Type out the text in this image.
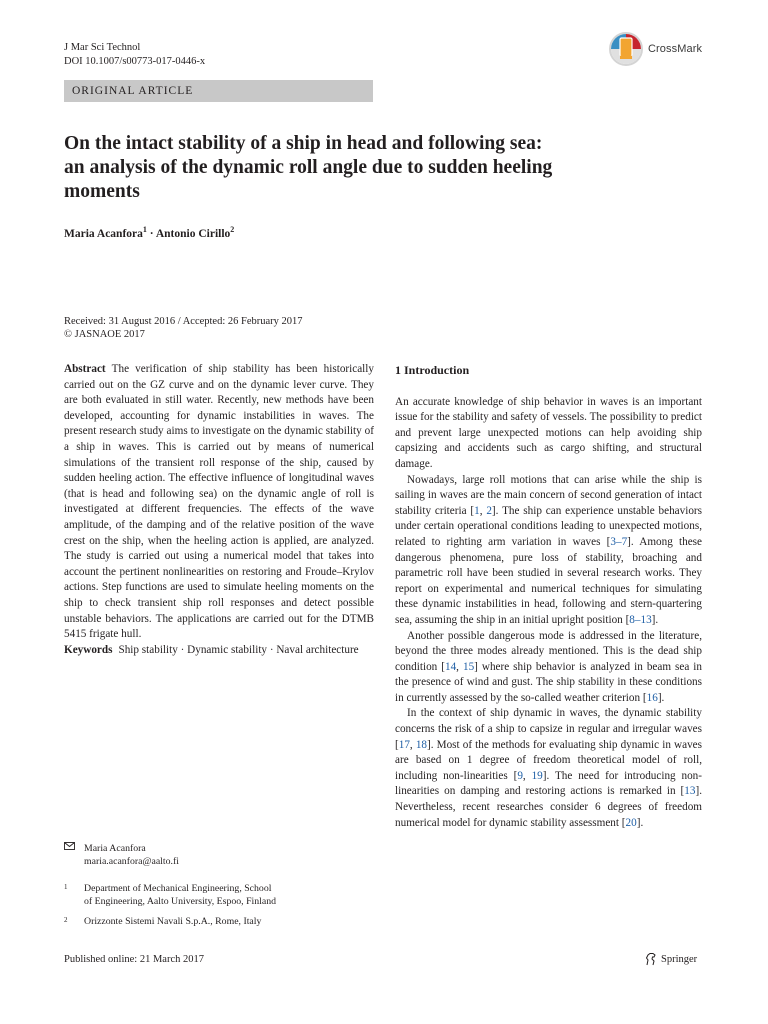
J Mar Sci Technol
DOI 10.1007/s00773-017-0446-x
CrossMark
ORIGINAL ARTICLE
On the intact stability of a ship in head and following sea:
an analysis of the dynamic roll angle due to sudden heeling
moments
Maria Acanfora$^1$ · Antonio Cirillo$^2$
Received: 31 August 2016 / Accepted: 26 February 2017
© JASNAOE 2017

Abstract The verification of ship stability has been historically carried out on the GZ curve and on the dynamic lever curve. They are both evaluated in still water. Recently, new methods have been developed, accounting for dynamic instabilities in waves. The present research study aims to investigate on the dynamic stability of a ship in waves. This is carried out by means of numerical simulations of the transient roll response of the ship, caused by sudden heeling action. The effective influence of longitudinal waves (that is head and following sea) on the dynamic angle of roll is investigated at different frequencies. The effects of the wave amplitude, of the damping and of the relative position of the wave crest on the ship, when the heeling action is applied, are analyzed. The study is carried out using a numerical model that takes into account the pertinent nonlinearities on restoring and Froude–Krylov actions. Step functions are used to simulate heeling moments on the ship to check transient ship roll responses and detect possible unstable behaviors. The applications are carried out for the DTMB 5415 frigate hull.

Keywords Ship stability · Dynamic stability · Naval architecture

Maria Acanfora
maria.acanfora@aalto.fi
1	Department of Mechanical Engineering, School
of Engineering, Aalto University, Espoo, Finland
2	Orizzonte Sistemi Navali S.p.A., Rome, Italy
1 Introduction

An accurate knowledge of ship behavior in waves is an important issue for the stability and safety of vessels. The possibility to predict and prevent large unexpected motions can help avoiding ship capsizing and accidents such as cargo shifting, and structural damage.

Nowadays, large roll motions that can arise while the ship is sailing in waves are the main concern of second generation of intact stability criteria [1, 2]. The ship can experience unstable behaviors under certain operational conditions leading to unexpected motions, related to righting arm variation in waves [3–7]. Among these dangerous phenomena, pure loss of stability, broaching and parametric roll have been studied in several research works. They report on experimental and numerical techniques for simulating these dynamic instabilities in head, following and stern-quartering sea, assuming the ship in an initial upright position [8–13].

Another possible dangerous mode is addressed in the literature, beyond the three modes already mentioned. This is the dead ship condition [14, 15] where ship behavior is analyzed in beam sea in the presence of wind and gust. The ship stability in these conditions in currently assessed by the so-called weather criterion [16].

In the context of ship dynamic in waves, the dynamic stability concerns the risk of a ship to capsize in regular and irregular waves [17, 18]. Most of the methods for evaluating ship dynamic in waves are based on 1 degree of freedom theoretical model of roll, including non-linearities [9, 19]. The need for introducing non-linearities on damping and restoring actions is remarked in [13]. Nevertheless, recent researches consider 6 degrees of freedom numerical model for dynamic stability assessment [20].

Published online: 21 March 2017	Springer
